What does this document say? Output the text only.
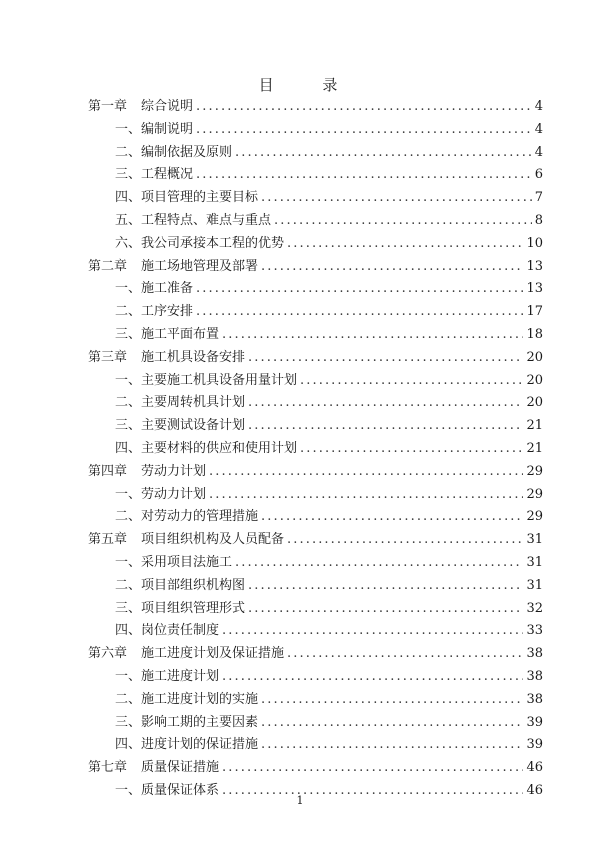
目 录
第一章 综合说明 .....	4
一、编制说明 .....	4
二、编制依据及原则 .....	4
三、工程概况 .....	6
四、项目管理的主要目标 .....	7
五、工程特点、难点与重点 .....	8
六、我公司承接本工程的优势 .....	10
第二章 施工场地管理及部署 .....	13
一、施工准备 .....	13
二、工序安排 .....	17
三、施工平面布置 .....	18
第三章 施工机具设备安排 .....	20
一、主要施工机具设备用量计划 .....	20
二、主要周转机具计划 .....	20
三、主要测试设备计划 .....	21
四、主要材料的供应和使用计划 .....	21
第四章 劳动力计划 .....	29
一、劳动力计划 .....	29
二、对劳动力的管理措施 .....	29
第五章 项目组织机构及人员配备 .....	31
一、采用项目法施工 .....	31
二、项目部组织机构图 .....	31
三、项目组织管理形式 .....	32
四、岗位责任制度 .....	33
第六章 施工进度计划及保证措施 .....	38
一、施工进度计划 .....	38
二、施工进度计划的实施 .....	38
三、影响工期的主要因素 .....	39
四、进度计划的保证措施 .....	39
第七章 质量保证措施 .....	46
一、质量保证体系 .....	46
1
